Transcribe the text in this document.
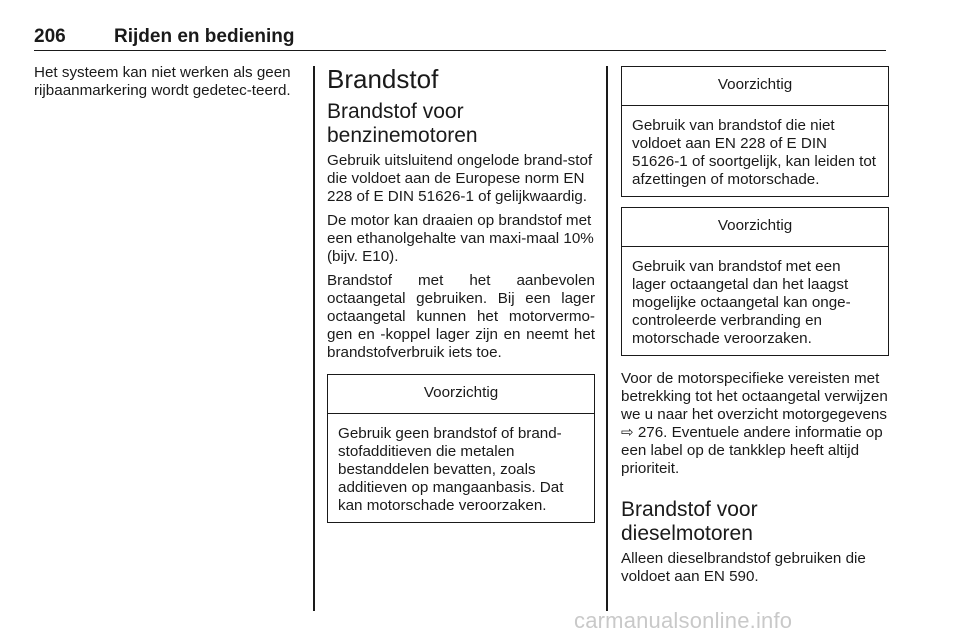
206	Rijden en bediening

Het systeem kan niet werken als geen rijbaanmarkering wordt gedetec-teerd.	Brandstof
Brandstof voor benzinemotoren

Gebruik uitsluitend ongelode brand-stof die voldoet aan de Europese norm EN 228 of E DIN 51626-1 of gelijkwaardig.

De motor kan draaien op brandstof met een ethanolgehalte van maxi-maal 10% (bijv. E10).

Brandstof met het aanbevolen octaangetal gebruiken. Bij een lager octaangetal kunnen het motorvermo-gen en -koppel lager zijn en neemt het brandstofverbruik iets toe.

Voorzichtig
Gebruik geen brandstof of brand-stofadditieven die metalen bestanddelen bevatten, zoals additieven op mangaanbasis. Dat kan motorschade veroorzaken.
Voorzichtig
Gebruik van brandstof die niet voldoet aan EN 228 of E DIN 51626-1 of soortgelijk, kan leiden tot afzettingen of motorschade.
Voorzichtig
Gebruik van brandstof met een lager octaangetal dan het laagst mogelijke octaangetal kan onge-controleerde verbranding en motorschade veroorzaken.

Voor de motorspecifieke vereisten met betrekking tot het octaangetal verwijzen we u naar het overzicht motorgegevens ⇨ 276. Eventuele andere informatie op een label op de tankklep heeft altijd prioriteit.

Brandstof voor dieselmotoren

Alleen dieselbrandstof gebruiken die voldoet aan EN 590.

carmanualsonline.info
